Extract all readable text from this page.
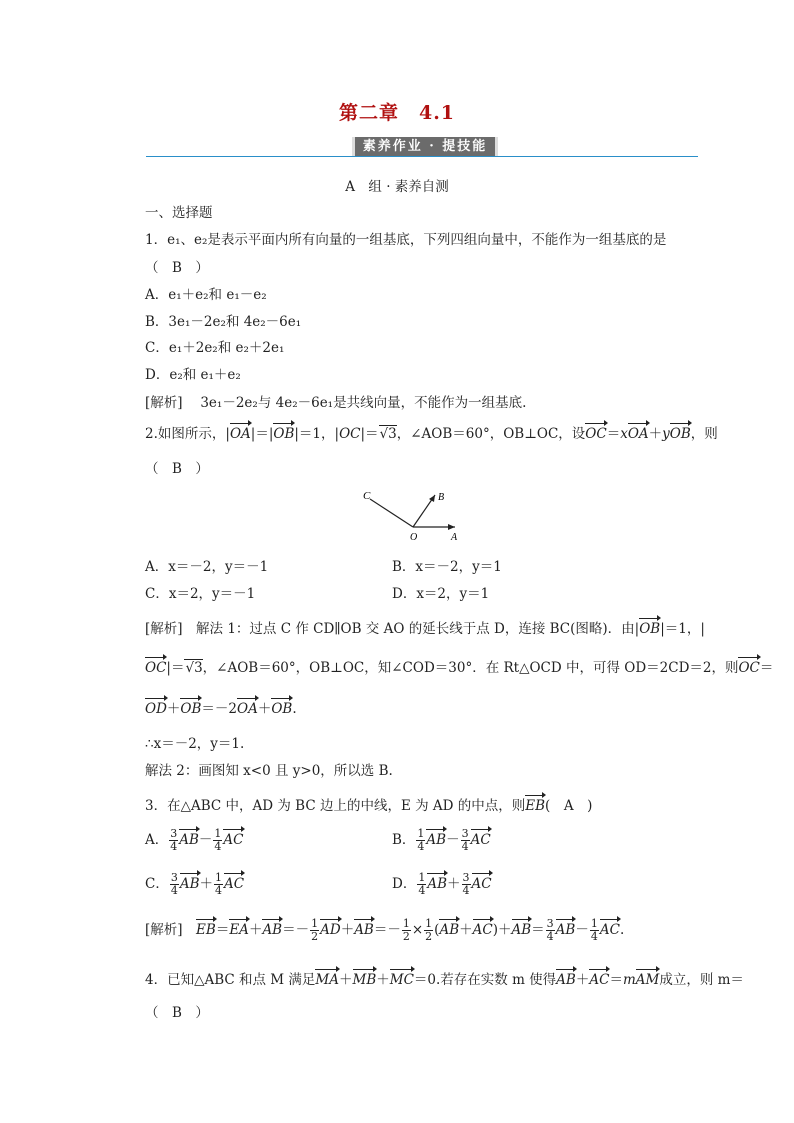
第二章　4.1
素养作业 · 提技能
A　组 · 素养自测
一、选择题
1．e₁、e₂是表示平面内所有向量的一组基底，下列四组向量中，不能作为一组基底的是
（　B　）
A．e₁＋e₂和 e₁－e₂
B．3e₁－2e₂和 4e₂－6e₁
C．e₁＋2e₂和 e₂＋2e₁
D．e₂和 e₁＋e₂
[解析]　 3e₁－2e₂与 4e₂－6e₁是共线向量，不能作为一组基底.
2.如图所示，|OA|＝|OB|＝1，|OC|＝√3，∠AOB＝60°，OB⊥OC，设OC＝xOA＋yOB，则
（　B　）
C	B
O	A
A．x＝－2，y＝－1	B．x＝－2，y＝1
C．x＝2，y＝－1	D．x＝2，y＝1
[解析]　 解法 1：过点 C 作 CD∥OB 交 AO 的延长线于点 D，连接 BC(图略)．由|OB|＝1，|
OC|＝√3，∠AOB＝60°，OB⊥OC，知∠COD＝30°．在 Rt△OCD 中，可得 OD＝2CD＝2，则OC＝
OD＋OB＝－2OA＋OB.
∴x＝－2，y＝1.
解法 2：画图知 x<0 且 y>0，所以选 B.
3．在△ABC 中，AD 为 BC 边上的中线，E 为 AD 的中点，则EB(　A　)
A． $\frac{3}{4} AB- \frac{1}{4}$ AC	B． $\frac{1}{4} AB- \frac{3}{4}$ AC
C． $\frac{3}{4} AB+ \frac{1}{4}$ AC	D． $\frac{1}{4} AB+ \frac{3}{4}$ AC
[解析]　 $EB=EA+AB=- \frac{1}{2} AD+AB=- \frac{1}{2} \times \frac{1}{2} (AB+AC)+AB= \frac{3}{4} AB- \frac{1}{4}$ AC.
4．已知△ABC 和点 M 满足MA＋MB＋MC＝0.若存在实数 m 使得AB＋AC＝mAM成立，则 m＝
（　B　）
